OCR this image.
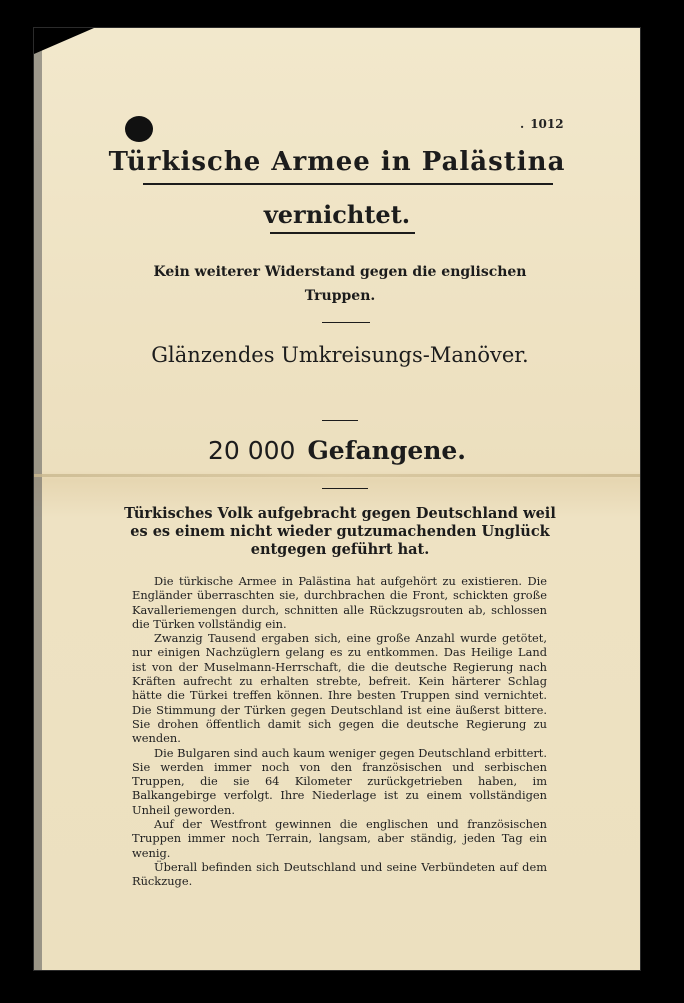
. 1012
Türkische Armee in Palästina
vernichtet.
Kein weiterer Widerstand gegen die englischen Truppen.
Glänzendes Umkreisungs-Manöver.
20 000 Gefangene.
Türkisches Volk aufgebracht gegen Deutschland weil es es einem nicht wieder gutzumachenden Unglück entgegen geführt hat.

Die türkische Armee in Palästina hat aufgehört zu existieren. Die Engländer überraschten sie, durchbrachen die Front, schickten große Kavalleriemengen durch, schnitten alle Rückzugsrouten ab, schlossen die Türken vollständig ein.

Zwanzig Tausend ergaben sich, eine große Anzahl wurde getötet, nur einigen Nachzüglern gelang es zu entkommen. Das Heilige Land ist von der Muselmann-Herrschaft, die die deutsche Regierung nach Kräften aufrecht zu erhalten strebte, befreit. Kein härterer Schlag hätte die Türkei treffen können. Ihre besten Truppen sind vernichtet. Die Stimmung der Türken gegen Deutschland ist eine äußerst bittere. Sie drohen öffentlich damit sich gegen die deutsche Regierung zu wenden.

Die Bulgaren sind auch kaum weniger gegen Deutschland erbittert. Sie werden immer noch von den französischen und serbischen Truppen, die sie 64 Kilometer zurückgetrieben haben, im Balkangebirge verfolgt. Ihre Niederlage ist zu einem vollständigen Unheil geworden.

Auf der Westfront gewinnen die englischen und französischen Truppen immer noch Terrain, langsam, aber ständig, jeden Tag ein wenig.

Überall befinden sich Deutschland und seine Verbündeten auf dem Rückzuge.
